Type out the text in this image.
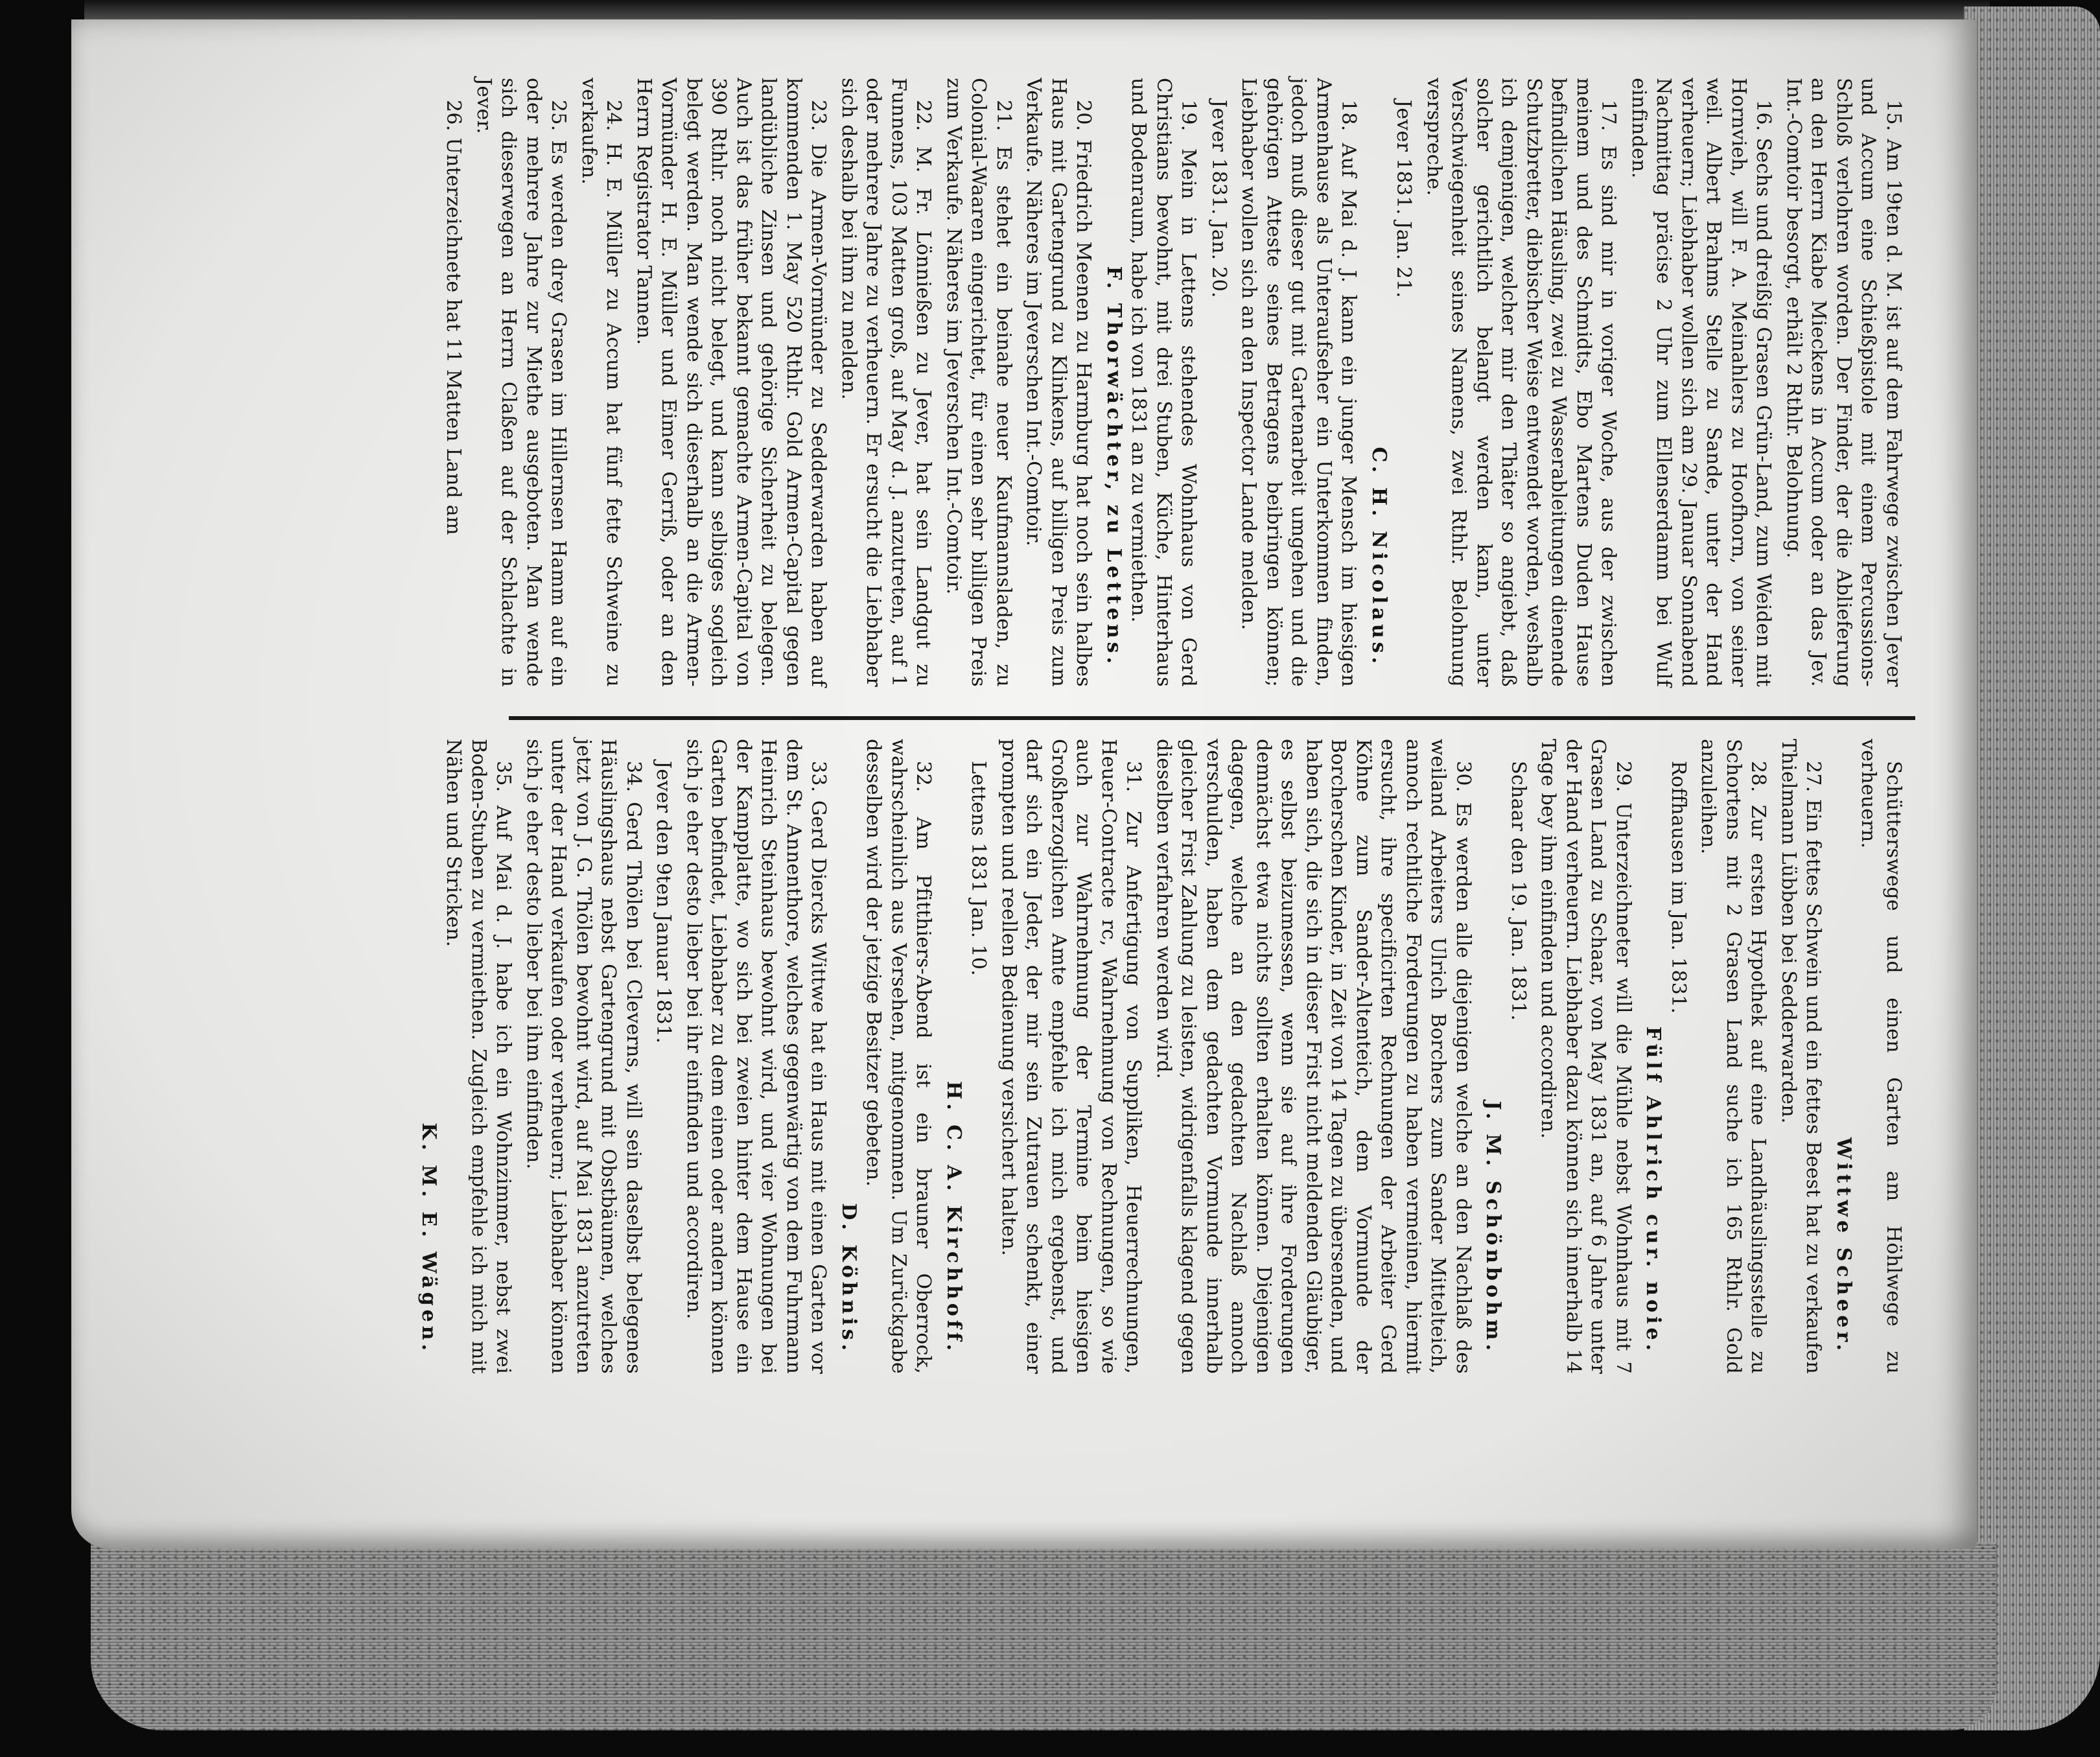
15. Am 19ten d. M. ist auf dem Fahrwege zwischen Jever und Accum eine Schießpistole mit einem Percussions-Schloß verlohren worden. Der Finder, der die Ablieferung an den Herrn Kiabe Mieckens in Accum oder an das Jev. Int.-Comtoir besorgt, erhält 2 Rthlr. Belohnung.
16. Sechs und dreißig Grasen Grün-Land, zum Weiden mit Hornvieh, will F. A. Meinahlers zu Hoofhorn, von seiner weil. Albert Brahms Stelle zu Sande, unter der Hand verheuern; Liebhaber wollen sich am 29. Januar Sonnabend Nachmittag präcise 2 Uhr zum Ellenserdamm bei Wulf einfinden.
17. Es sind mir in voriger Woche, aus der zwischen meinem und des Schmidts, Ebo Martens Duden Hause befindlichen Häusling, zwei zu Wasserableitungen dienende Schutzbretter, diebischer Weise entwendet worden, weshalb ich demjenigen, welcher mir den Thäter so angiebt, daß solcher gerichtlich belangt werden kann, unter Verschwiegenheit seines Namens, zwei Rthlr. Belohnung verspreche.
Jever 1831. Jan. 21.
C. H. Nicolaus.
18. Auf Mai d. J. kann ein junger Mensch im hiesigen Armenhause als Unteraufseher ein Unterkommen finden, jedoch muß dieser gut mit Gartenarbeit umgehen und die gehörigen Atteste seines Betragens beibringen können; Liebhaber wollen sich an den Inspector Lande melden.
Jever 1831. Jan. 20.
19. Mein in Lettens stehendes Wohnhaus von Gerd Christians bewohnt, mit drei Stuben, Küche, Hinterhaus und Bodenraum, habe ich von 1831 an zu vermiethen.
F. Thorwächter, zu Lettens.
20. Friedrich Meenen zu Harmburg hat noch sein halbes Haus mit Gartengrund zu Klinkens, auf billigen Preis zum Verkaufe. Näheres im Jeverschen Int.-Comtoir.
21. Es stehet ein beinahe neuer Kaufmannsladen, zu Colonial-Waaren eingerichtet, für einen sehr billigen Preis zum Verkaufe. Näheres im Jeverschen Int.-Comtoir.
22. M. Fr. Lönnießen zu Jever, hat sein Landgut zu Funnens, 103 Matten groß, auf May d. J. anzutreten, auf 1 oder mehrere Jahre zu verheuern. Er ersucht die Liebhaber sich deshalb bei ihm zu melden.
23. Die Armen-Vormünder zu Sedderwarden haben auf kommenden 1. May 520 Rthlr. Gold Armen-Capital gegen landübliche Zinsen und gehörige Sicherheit zu belegen. Auch ist das früher bekannt gemachte Armen-Capital von 390 Rthlr. noch nicht belegt, und kann selbiges sogleich belegt werden. Man wende sich dieserhalb an die Armen-Vormünder H. E. Müller und Eimer Gerriß, oder an den Herrn Registrator Tannen.
24. H. E. Müller zu Accum hat fünf fette Schweine zu verkaufen.
25. Es werden drey Grasen im Hillernsen Hamm auf ein oder mehrere Jahre zur Miethe ausgeboten. Man wende sich dieserwegen an Herrn Claßen auf der Schlachte in Jever.
26. Unterzeichnete hat 11 Matten Land am
Schütterswege und einen Garten am Höhlwege zu verheuern.
Wittwe Scheer.
27. Ein fettes Schwein und ein fettes Beest hat zu verkaufen Thielmann Lübben bei Sedderwarden.
28. Zur ersten Hypothek auf eine Landhäuslingsstelle zu Schortens mit 2 Grasen Land suche ich 165 Rthlr. Gold anzuleihen.
Roffhausen im Jan. 1831.
Fülf Ahlrich cur. noie.
29. Unterzeichneter will die Mühle nebst Wohnhaus mit 7 Grasen Land zu Schaar, von May 1831 an, auf 6 Jahre unter der Hand verheuern. Liebhaber dazu können sich innerhalb 14 Tage bey ihm einfinden und accordiren.
Schaar den 19. Jan. 1831.
J. M. Schönbohm.
30. Es werden alle diejenigen welche an den Nachlaß des weiland Arbeiters Ulrich Borchers zum Sander Mittelteich, annoch rechtliche Forderungen zu haben vermeinen, hiermit ersucht, ihre specificirten Rechnungen der Arbeiter Gerd Köhne zum Sander-Altenteich, dem Vormunde der Borcherschen Kinder, in Zeit von 14 Tagen zu übersenden, und haben sich, die sich in dieser Frist nicht meldenden Gläubiger, es selbst beizumessen, wenn sie auf ihre Forderungen demnächst etwa nichts sollten erhalten können. Diejenigen dagegen, welche an den gedachten Nachlaß annoch verschulden, haben dem gedachten Vormunde innerhalb gleicher Frist Zahlung zu leisten, widrigenfalls klagend gegen dieselben verfahren werden wird.
31. Zur Anfertigung von Suppliken, Heuerrechnungen, Heuer-Contracte rc, Wahrnehmung von Rechnungen, so wie auch zur Wahrnehmung der Termine beim hiesigen Großherzoglichen Amte empfehle ich mich ergebenst, und darf sich ein Jeder, der mir sein Zutrauen schenkt, einer prompten und reellen Bedienung versichert halten.
Lettens 1831 Jan. 10.
H. C. A. Kirchhoff.
32. Am Pfitthiers-Abend ist ein brauner Oberrock, wahrscheinlich aus Versehen, mitgenommen. Um Zurückgabe desselben wird der jetzige Besitzer gebeten.
D. Köhnis.
33. Gerd Diercks Wittwe hat ein Haus mit einen Garten vor dem St. Annenthore, welches gegenwärtig von dem Fuhrmann Heinrich Steinhaus bewohnt wird, und vier Wohnungen bei der Kampplatte, wo sich bei zweien hinter dem Hause ein Garten befindet, Liebhaber zu dem einen oder andern können sich je eher desto lieber bei ihr einfinden und accordiren.
Jever den 9ten Januar 1831.
34. Gerd Thölen bei Cleverns, will sein daselbst belegenes Häuslingshaus nebst Gartengrund mit Obstbäumen, welches jetzt von J. G. Thölen bewohnt wird, auf Mai 1831 anzutreten unter der Hand verkaufen oder verheuern; Liebhaber können sich je eher desto lieber bei ihm einfinden.
35. Auf Mai d. J. habe ich ein Wohnzimmer, nebst zwei Boden-Stuben zu vermiethen. Zugleich empfehle ich mich mit Nähen und Stricken.
K. M. E. Wägen.
